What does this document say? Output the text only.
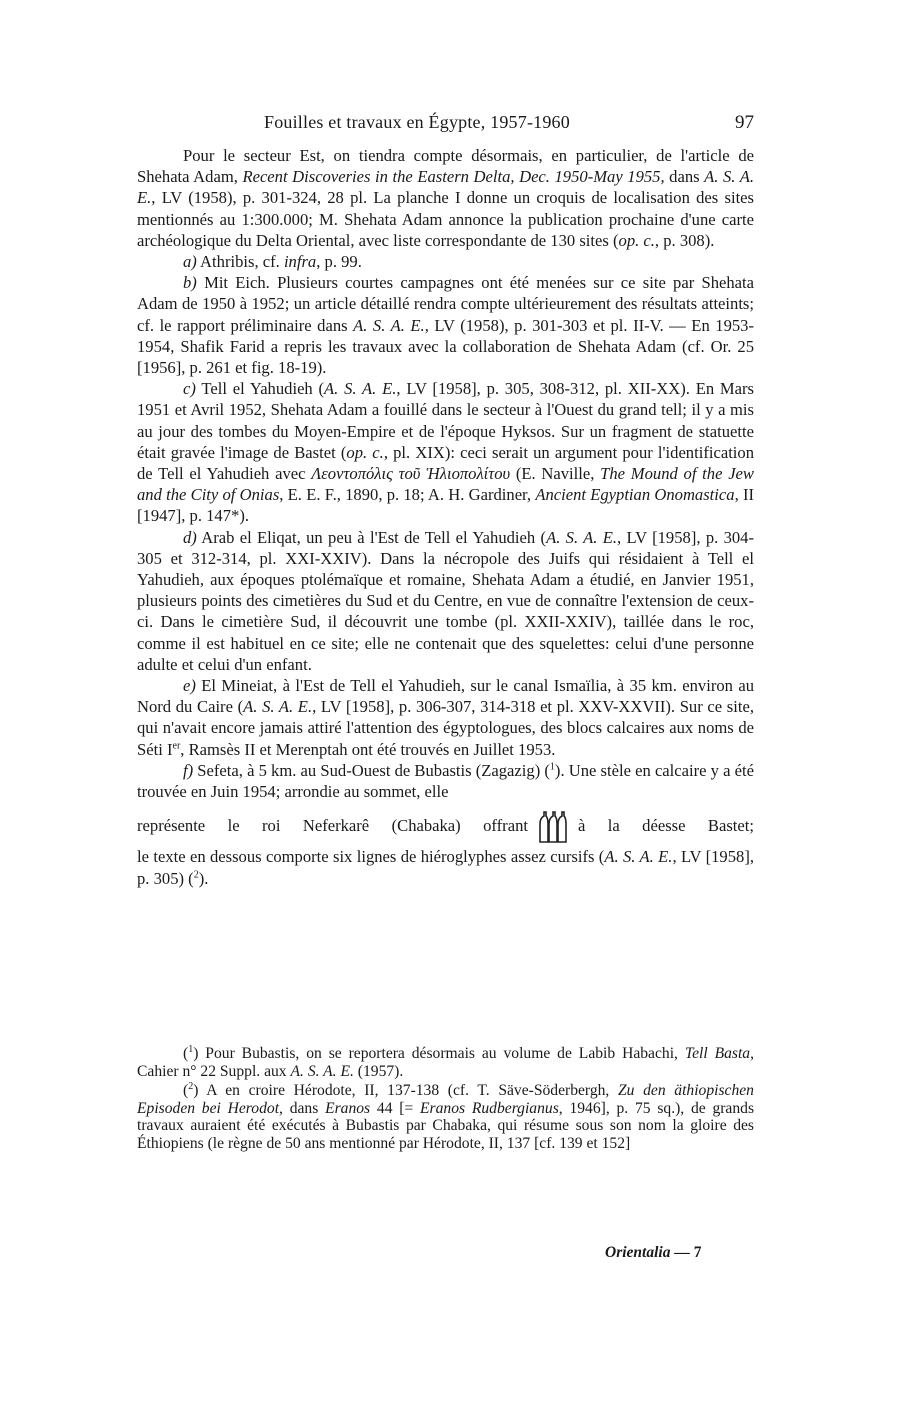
Fouilles et travaux en Égypte, 1957-1960	97

Pour le secteur Est, on tiendra compte désormais, en particulier, de l'article de Shehata Adam, Recent Discoveries in the Eastern Delta, Dec. 1950-May 1955, dans A. S. A. E., LV (1958), p. 301-324, 28 pl. La planche I donne un croquis de localisation des sites mentionnés au 1:300.000; M. Shehata Adam annonce la publication prochaine d'une carte archéologique du Delta Oriental, avec liste correspondante de 130 sites (op. c., p. 308).

a) Athribis, cf. infra, p. 99.

b) Mit Eich. Plusieurs courtes campagnes ont été menées sur ce site par Shehata Adam de 1950 à 1952; un article détaillé rendra compte ultérieurement des résultats atteints; cf. le rapport préliminaire dans A. S. A. E., LV (1958), p. 301-303 et pl. II-V. — En 1953-1954, Shafik Farid a repris les travaux avec la collaboration de Shehata Adam (cf. Or. 25 [1956], p. 261 et fig. 18-19).

c) Tell el Yahudieh (A. S. A. E., LV [1958], p. 305, 308-312, pl. XII-XX). En Mars 1951 et Avril 1952, Shehata Adam a fouillé dans le secteur à l'Ouest du grand tell; il y a mis au jour des tombes du Moyen-Empire et de l'époque Hyksos. Sur un fragment de statuette était gravée l'image de Bastet (op. c., pl. XIX): ceci serait un argument pour l'identification de Tell el Yahudieh avec Λεοντοπόλις τοῦ Ἡλιοπολίτου (E. Naville, The Mound of the Jew and the City of Onias, E. E. F., 1890, p. 18; A. H. Gardiner, Ancient Egyptian Onomastica, II [1947], p. 147*).

d) Arab el Eliqat, un peu à l'Est de Tell el Yahudieh (A. S. A. E., LV [1958], p. 304-305 et 312-314, pl. XXI-XXIV). Dans la nécropole des Juifs qui résidaient à Tell el Yahudieh, aux époques ptolémaïque et romaine, Shehata Adam a étudié, en Janvier 1951, plusieurs points des cimetières du Sud et du Centre, en vue de connaître l'extension de ceux-ci. Dans le cimetière Sud, il découvrit une tombe (pl. XXII-XXIV), taillée dans le roc, comme il est habituel en ce site; elle ne contenait que des squelettes: celui d'une personne adulte et celui d'un enfant.

e) El Mineiat, à l'Est de Tell el Yahudieh, sur le canal Ismaïlia, à 35 km. environ au Nord du Caire (A. S. A. E., LV [1958], p. 306-307, 314-318 et pl. XXV-XXVII). Sur ce site, qui n'avait encore jamais attiré l'attention des égyptologues, des blocs calcaires aux noms de Séti Ier, Ramsès II et Merenptah ont été trouvés en Juillet 1953.

f) Sefeta, à 5 km. au Sud-Ouest de Bubastis (Zagazig) ($^1$). Une stèle en calcaire y a été trouvée en Juin 1954; arrondie au sommet, elle

représente le roi Neferkarê (Chabaka) offrant	à la déesse Bastet;

le texte en dessous comporte six lignes de hiéroglyphes assez cursifs (A. S. A. E., LV [1958], p. 305) ($^2$).

($^1$) Pour Bubastis, on se reportera désormais au volume de Labib Habachi, Tell Basta, Cahier n° 22 Suppl. aux A. S. A. E. (1957).

($^2$) A en croire Hérodote, II, 137-138 (cf. T. Säve-Söderbergh, Zu den äthiopischen Episoden bei Herodot, dans Eranos 44 [= Eranos Rudbergianus, 1946], p. 75 sq.), de grands travaux auraient été exécutés à Bubastis par Chabaka, qui résume sous son nom la gloire des Éthiopiens (le règne de 50 ans mentionné par Hérodote, II, 137 [cf. 139 et 152]

Orientalia — 7
